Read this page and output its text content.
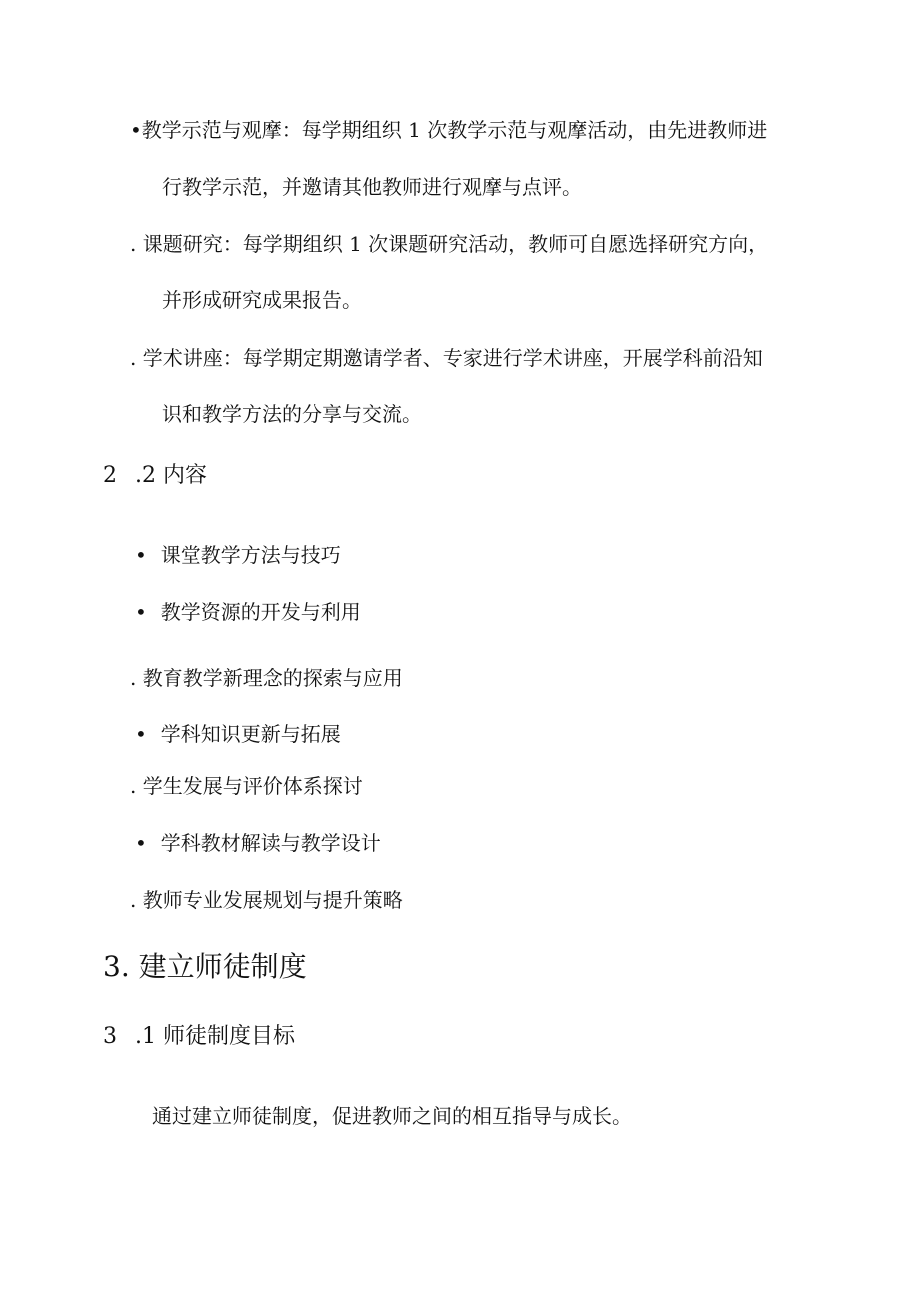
•教学示范与观摩：每学期组织 1 次教学示范与观摩活动，由先进教师进
行教学示范，并邀请其他教师进行观摩与点评。
. 课题研究：每学期组织 1 次课题研究活动，教师可自愿选择研究方向，
并形成研究成果报告。
. 学术讲座：每学期定期邀请学者、专家进行学术讲座，开展学科前沿知
识和教学方法的分享与交流。
2 .2 内容
• 课堂教学方法与技巧
• 教学资源的开发与利用
. 教育教学新理念的探索与应用
• 学科知识更新与拓展
. 学生发展与评价体系探讨
• 学科教材解读与教学设计
. 教师专业发展规划与提升策略
3. 建立师徒制度
3 .1 师徒制度目标
通过建立师徒制度，促进教师之间的相互指导与成长。
